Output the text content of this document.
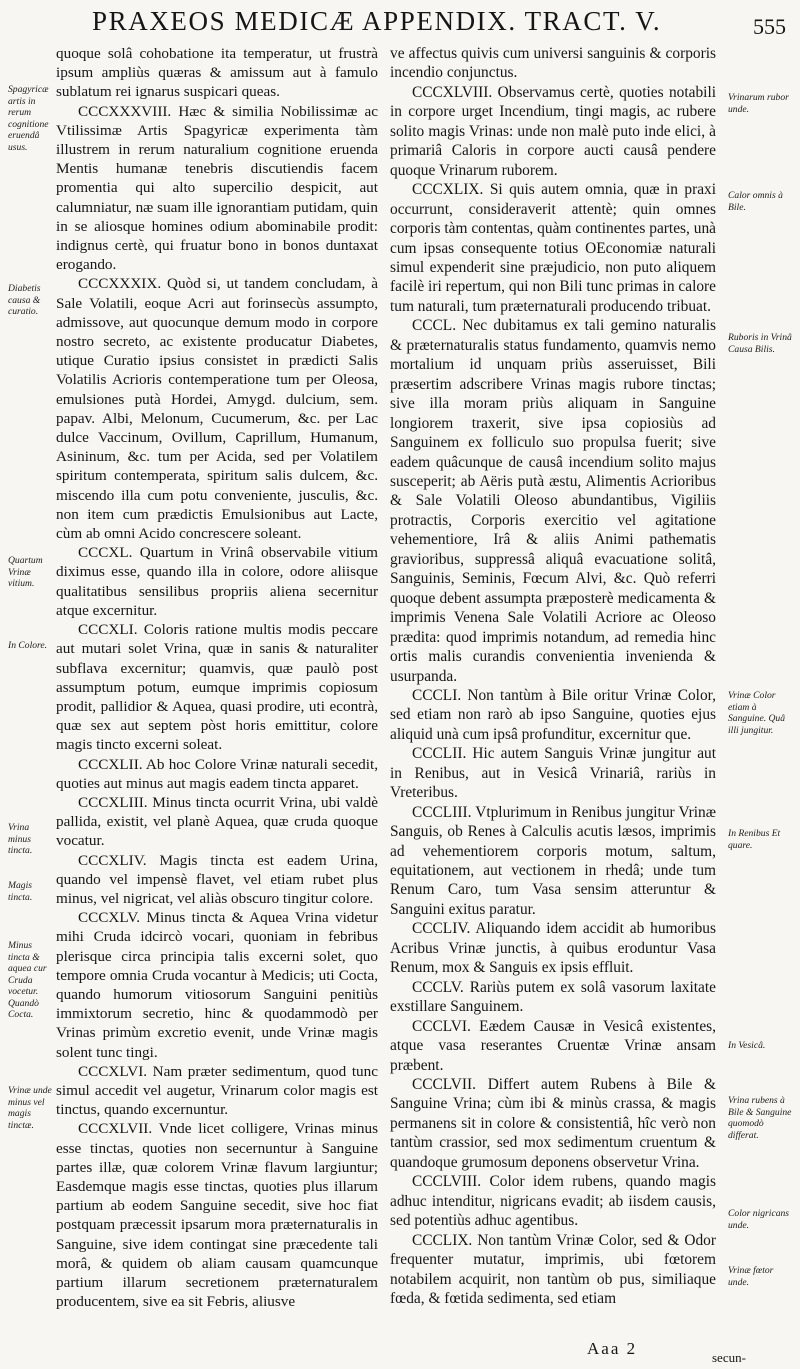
PRAXEOS MEDICÆ APPENDIX. TRACT. V.	555
Spagyricæ artis in rerum cognitione eruendâ usus.
Diabetis causa & curatio.
Quartum Vrinæ vitium.
In Colore.
Vrina minus tincta.
Magis tincta.
Minus tincta & aquea cur Cruda vocetur. Quandò Cocta.
Vrinæ unde minus vel magis tinctæ.
Vrinarum rubor unde.
Calor omnis à Bile.
Ruboris in Vrinâ Causa Bilis.
Vrinæ Color etiam à Sanguine. Quâ illi jungitur.
In Renibus Et quare.
In Vesicâ.
Vrina rubens à Bile & Sanguine quomodò differat.
Color nigricans unde.
Vrinæ fœtor unde.

quoque solâ cohobatione ita temperatur, ut frustrà ipsum ampliùs quæras & amissum aut à famulo sublatum rei ignarus suspicari queas.

CCCXXXVIII. Hæc & similia Nobilissimæ ac Vtilissimæ Artis Spagyricæ experimenta tàm illustrem in rerum naturalium cognitione eruenda Mentis humanæ tenebris discutiendis facem promentia qui alto supercilio despicit, aut calumniatur, næ suam ille ignorantiam putidam, quin in se aliosque homines odium abominabile prodit: indignus certè, qui fruatur bono in bonos duntaxat erogando.

CCCXXXIX. Quòd si, ut tandem concludam, à Sale Volatili, eoque Acri aut forinsecùs assumpto, admissove, aut quocunque demum modo in corpore nostro secreto, ac existente producatur Diabetes, utique Curatio ipsius consistet in prædicti Salis Volatilis Acrioris contemperatione tum per Oleosa, emulsiones putà Hordei, Amygd. dulcium, sem. papav. Albi, Melonum, Cucumerum, &c. per Lac dulce Vaccinum, Ovillum, Caprillum, Humanum, Asininum, &c. tum per Acida, sed per Volatilem spiritum contemperata, spiritum salis dulcem, &c. miscendo illa cum potu conveniente, jusculis, &c. non item cum prædictis Emulsionibus aut Lacte, cùm ab omni Acido concrescere soleant.

CCCXL. Quartum in Vrinâ observabile vitium diximus esse, quando illa in colore, odore aliisque qualitatibus sensilibus propriis aliena secernitur atque excernitur.

CCCXLI. Coloris ratione multis modis peccare aut mutari solet Vrina, quæ in sanis & naturaliter subflava excernitur; quamvis, quæ paulò post assumptum potum, eumque imprimis copiosum prodit, pallidior & Aquea, quasi prodire, uti econtrà, quæ sex aut septem pòst horis emittitur, colore magis tincto excerni soleat.

CCCXLII. Ab hoc Colore Vrinæ naturali secedit, quoties aut minus aut magis eadem tincta apparet.

CCCXLIII. Minus tincta ocurrit Vrina, ubi valdè pallida, existit, vel planè Aquea, quæ cruda quoque vocatur.

CCCXLIV. Magis tincta est eadem Urina, quando vel impensè flavet, vel etiam rubet plus minus, vel nigricat, vel aliàs obscuro tingitur colore.

CCCXLV. Minus tincta & Aquea Vrina videtur mihi Cruda idcircò vocari, quoniam in febribus plerisque circa principia talis excerni solet, quo tempore omnia Cruda vocantur à Medicis; uti Cocta, quando humorum vitiosorum Sanguini penitiùs immixtorum secretio, hinc & quodammodò per Vrinas primùm excretio evenit, unde Vrinæ magis solent tunc tingi.

CCCXLVI. Nam præter sedimentum, quod tunc simul accedit vel augetur, Vrinarum color magis est tinctus, quando excernuntur.

CCCXLVII. Vnde licet colligere, Vrinas minus esse tinctas, quoties non secernuntur à Sanguine partes illæ, quæ colorem Vrinæ flavum largiuntur; Easdemque magis esse tinctas, quoties plus illarum partium ab eodem Sanguine secedit, sive hoc fiat postquam præcessit ipsarum mora præternaturalis in Sanguine, sive idem contingat sine præcedente tali morâ, & quidem ob aliam causam quamcunque partium illarum secretionem præternaturalem producentem, sive ea sit Febris, aliusve

ve affectus quivis cum universi sanguinis & corporis incendio conjunctus.

CCCXLVIII. Observamus certè, quoties notabili in corpore urget Incendium, tingi magis, ac rubere solito magis Vrinas: unde non malè puto inde elici, à primariâ Caloris in corpore aucti causâ pendere quoque Vrinarum ruborem.

CCCXLIX. Si quis autem omnia, quæ in praxi occurrunt, consideraverit attentè; quin omnes corporis tàm contentas, quàm continentes partes, unà cum ipsas consequente totius OEconomiæ naturali simul expenderit sine præjudicio, non puto aliquem facilè iri repertum, qui non Bili tunc primas in calore tum naturali, tum præternaturali producendo tribuat.

CCCL. Nec dubitamus ex tali gemino naturalis & præternaturalis status fundamento, quamvis nemo mortalium id unquam priùs asseruisset, Bili præsertim adscribere Vrinas magis rubore tinctas; sive illa moram priùs aliquam in Sanguine longiorem traxerit, sive ipsa copiosiùs ad Sanguinem ex folliculo suo propulsa fuerit; sive eadem quâcunque de causâ incendium solito majus susceperit; ab Aëris putà æstu, Alimentis Acrioribus & Sale Volatili Oleoso abundantibus, Vigiliis protractis, Corporis exercitio vel agitatione vehementiore, Irâ & aliis Animi pathematis gravioribus, suppressâ aliquâ evacuatione solitâ, Sanguinis, Seminis, Fœcum Alvi, &c. Quò referri quoque debent assumpta præposterè medicamenta & imprimis Venena Sale Volatili Acriore ac Oleoso prædita: quod imprimis notandum, ad remedia hinc ortis malis curandis convenientia invenienda & usurpanda.

CCCLI. Non tantùm à Bile oritur Vrinæ Color, sed etiam non rarò ab ipso Sanguine, quoties ejus aliquid unà cum ipsâ profunditur, excernitur que.

CCCLII. Hic autem Sanguis Vrinæ jungitur aut in Renibus, aut in Vesicâ Vrinariâ, rariùs in Vreteribus.

CCCLIII. Vtplurimum in Renibus jungitur Vrinæ Sanguis, ob Renes à Calculis acutis læsos, imprimis ad vehementiorem corporis motum, saltum, equitationem, aut vectionem in rhedâ; unde tum Renum Caro, tum Vasa sensim atteruntur & Sanguini exitus paratur.

CCCLIV. Aliquando idem accidit ab humoribus Acribus Vrinæ junctis, à quibus eroduntur Vasa Renum, mox & Sanguis ex ipsis effluit.

CCCLV. Rariùs putem ex solâ vasorum laxitate exstillare Sanguinem.

CCCLVI. Eædem Causæ in Vesicâ existentes, atque vasa reserantes Cruentæ Vrinæ ansam præbent.

CCCLVII. Differt autem Rubens à Bile & Sanguine Vrina; cùm ibi & minùs crassa, & magis permanens sit in colore & consistentiâ, hîc verò non tantùm crassior, sed mox sedimentum cruentum & quandoque grumosum deponens observetur Vrina.

CCCLVIII. Color idem rubens, quando magis adhuc intenditur, nigricans evadit; ab iisdem causis, sed potentiùs adhuc agentibus.

CCCLIX. Non tantùm Vrinæ Color, sed & Odor frequenter mutatur, imprimis, ubi fœtorem notabilem acquirit, non tantùm ob pus, similiaque fœda, & fœtida sedimenta, sed etiam

Aaa 2	secun-
